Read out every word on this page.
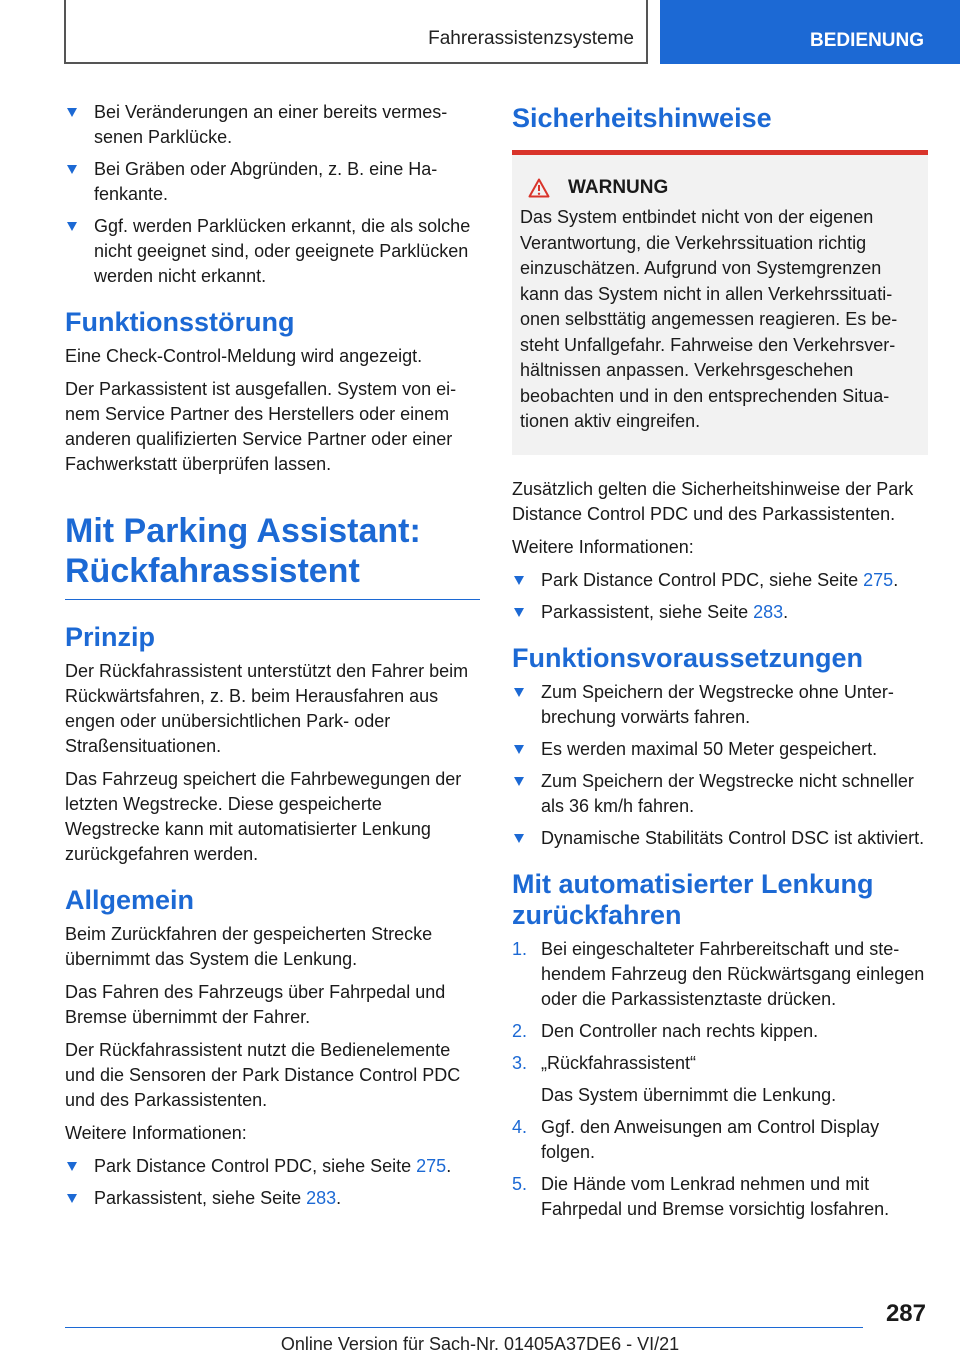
Fahrerassistenzsysteme	BEDIENUNG
Bei Veränderungen an einer bereits vermessenen Parklücke.
Bei Gräben oder Abgründen, z. B. eine Hafenkante.
Ggf. werden Parklücken erkannt, die als solche nicht geeignet sind, oder geeignete Parklücken werden nicht erkannt.
Funktionsstörung

Eine Check-Control-Meldung wird angezeigt.

Der Parkassistent ist ausgefallen. System von einem Service Partner des Herstellers oder einem anderen qualifizierten Service Partner oder einer Fachwerkstatt überprüfen lassen.

Mit Parking Assistant: Rückfahrassistent
Prinzip

Der Rückfahrassistent unterstützt den Fahrer beim Rückwärtsfahren, z. B. beim Herausfahren aus engen oder unübersichtlichen Park- oder Straßensituationen.

Das Fahrzeug speichert die Fahrbewegungen der letzten Wegstrecke. Diese gespeicherte Wegstrecke kann mit automatisierter Lenkung zurückgefahren werden.

Allgemein

Beim Zurückfahren der gespeicherten Strecke übernimmt das System die Lenkung.

Das Fahren des Fahrzeugs über Fahrpedal und Bremse übernimmt der Fahrer.

Der Rückfahrassistent nutzt die Bedienelemente und die Sensoren der Park Distance Control PDC und des Parkassistenten.

Weitere Informationen:

Park Distance Control PDC, siehe Seite 275.
Parkassistent, siehe Seite 283.
Sicherheitshinweise
WARNUNG

Das System entbindet nicht von der eigenen Verantwortung, die Verkehrssituation richtig einzuschätzen. Aufgrund von Systemgrenzen kann das System nicht in allen Verkehrssituationen selbsttätig angemessen reagieren. Es besteht Unfallgefahr. Fahrweise den Verkehrsverhältnissen anpassen. Verkehrsgeschehen beobachten und in den entsprechenden Situationen aktiv eingreifen.

Zusätzlich gelten die Sicherheitshinweise der Park Distance Control PDC und des Parkassistenten.

Weitere Informationen:

Park Distance Control PDC, siehe Seite 275.
Parkassistent, siehe Seite 283.
Funktionsvoraussetzungen
Zum Speichern der Wegstrecke ohne Unterbrechung vorwärts fahren.
Es werden maximal 50 Meter gespeichert.
Zum Speichern der Wegstrecke nicht schneller als 36 km/h fahren.
Dynamische Stabilitäts Control DSC ist aktiviert.
Mit automatisierter Lenkung zurückfahren
1. Bei eingeschalteter Fahrbereitschaft und stehendem Fahrzeug den Rückwärtsgang einlegen oder die Parkassistenztaste drücken.
2. Den Controller nach rechts kippen.
3. „Rückfahrassistent“
Das System übernimmt die Lenkung.
4. Ggf. den Anweisungen am Control Display folgen.
5. Die Hände vom Lenkrad nehmen und mit Fahrpedal und Bremse vorsichtig losfahren.
287
Online Version für Sach-Nr. 01405A37DE6 - VI/21
